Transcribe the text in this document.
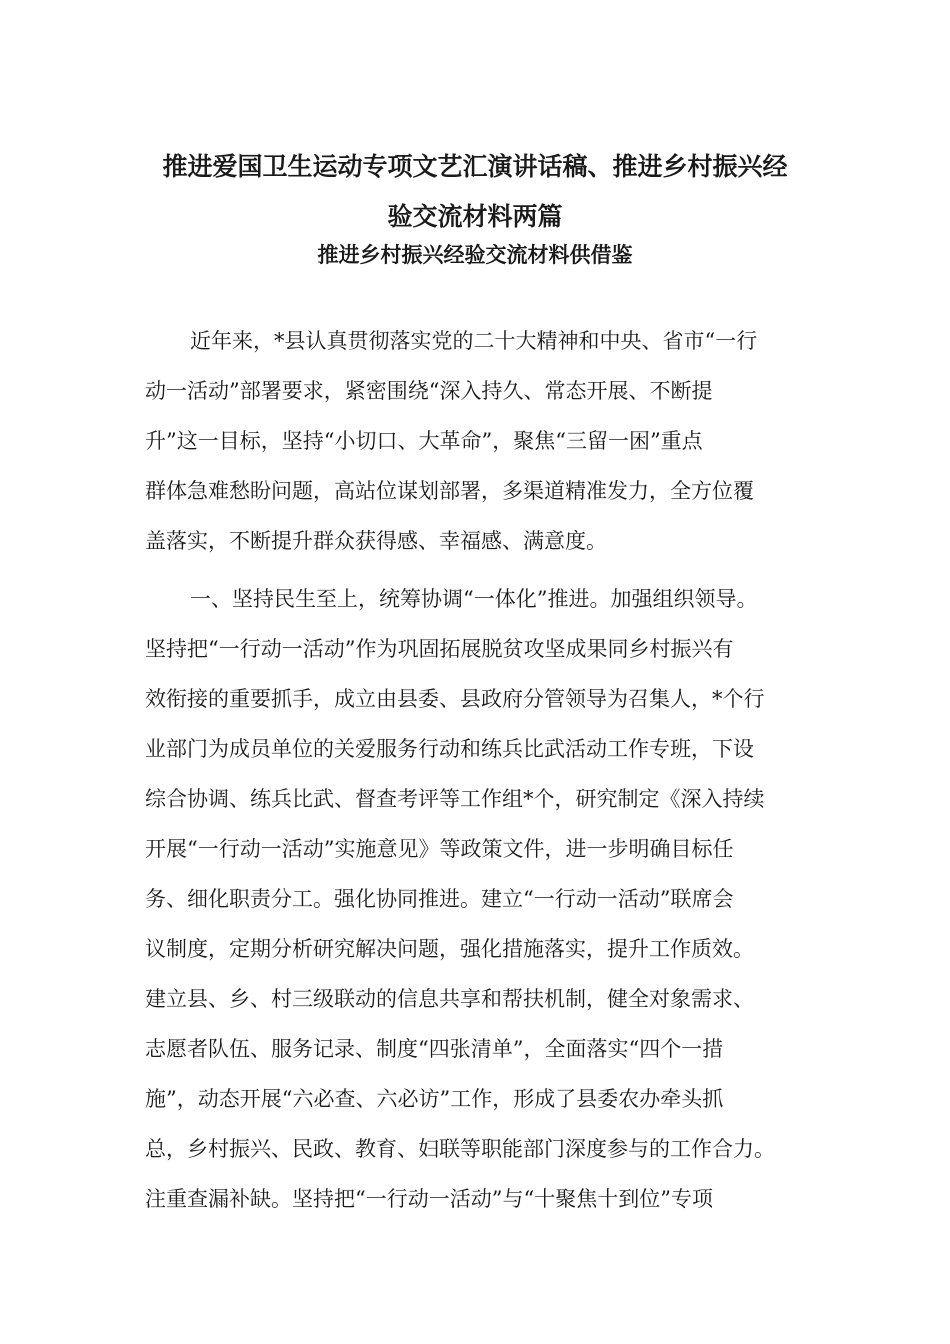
推进爱国卫生运动专项文艺汇演讲话稿、推进乡村振兴经
验交流材料两篇

推进乡村振兴经验交流材料供借鉴

近年来，*县认真贯彻落实党的二十大精神和中央、省市“一行

动一活动”部署要求，紧密围绕“深入持久、常态开展、不断提

升”这一目标，坚持“小切口、大革命”，聚焦“三留一困”重点

群体急难愁盼问题，高站位谋划部署，多渠道精准发力，全方位覆

盖落实，不断提升群众获得感、幸福感、满意度。

一、坚持民生至上，统筹协调“一体化”推进。加强组织领导。

坚持把“一行动一活动”作为巩固拓展脱贫攻坚成果同乡村振兴有

效衔接的重要抓手，成立由县委、县政府分管领导为召集人，*个行

业部门为成员单位的关爱服务行动和练兵比武活动工作专班，下设

综合协调、练兵比武、督查考评等工作组*个，研究制定《深入持续

开展“一行动一活动”实施意见》等政策文件，进一步明确目标任

务、细化职责分工。强化协同推进。建立“一行动一活动”联席会

议制度，定期分析研究解决问题，强化措施落实，提升工作质效。

建立县、乡、村三级联动的信息共享和帮扶机制，健全对象需求、

志愿者队伍、服务记录、制度“四张清单”，全面落实“四个一措

施”，动态开展“六必查、六必访”工作，形成了县委农办牵头抓

总，乡村振兴、民政、教育、妇联等职能部门深度参与的工作合力。

注重查漏补缺。坚持把“一行动一活动”与“十聚焦十到位”专项
